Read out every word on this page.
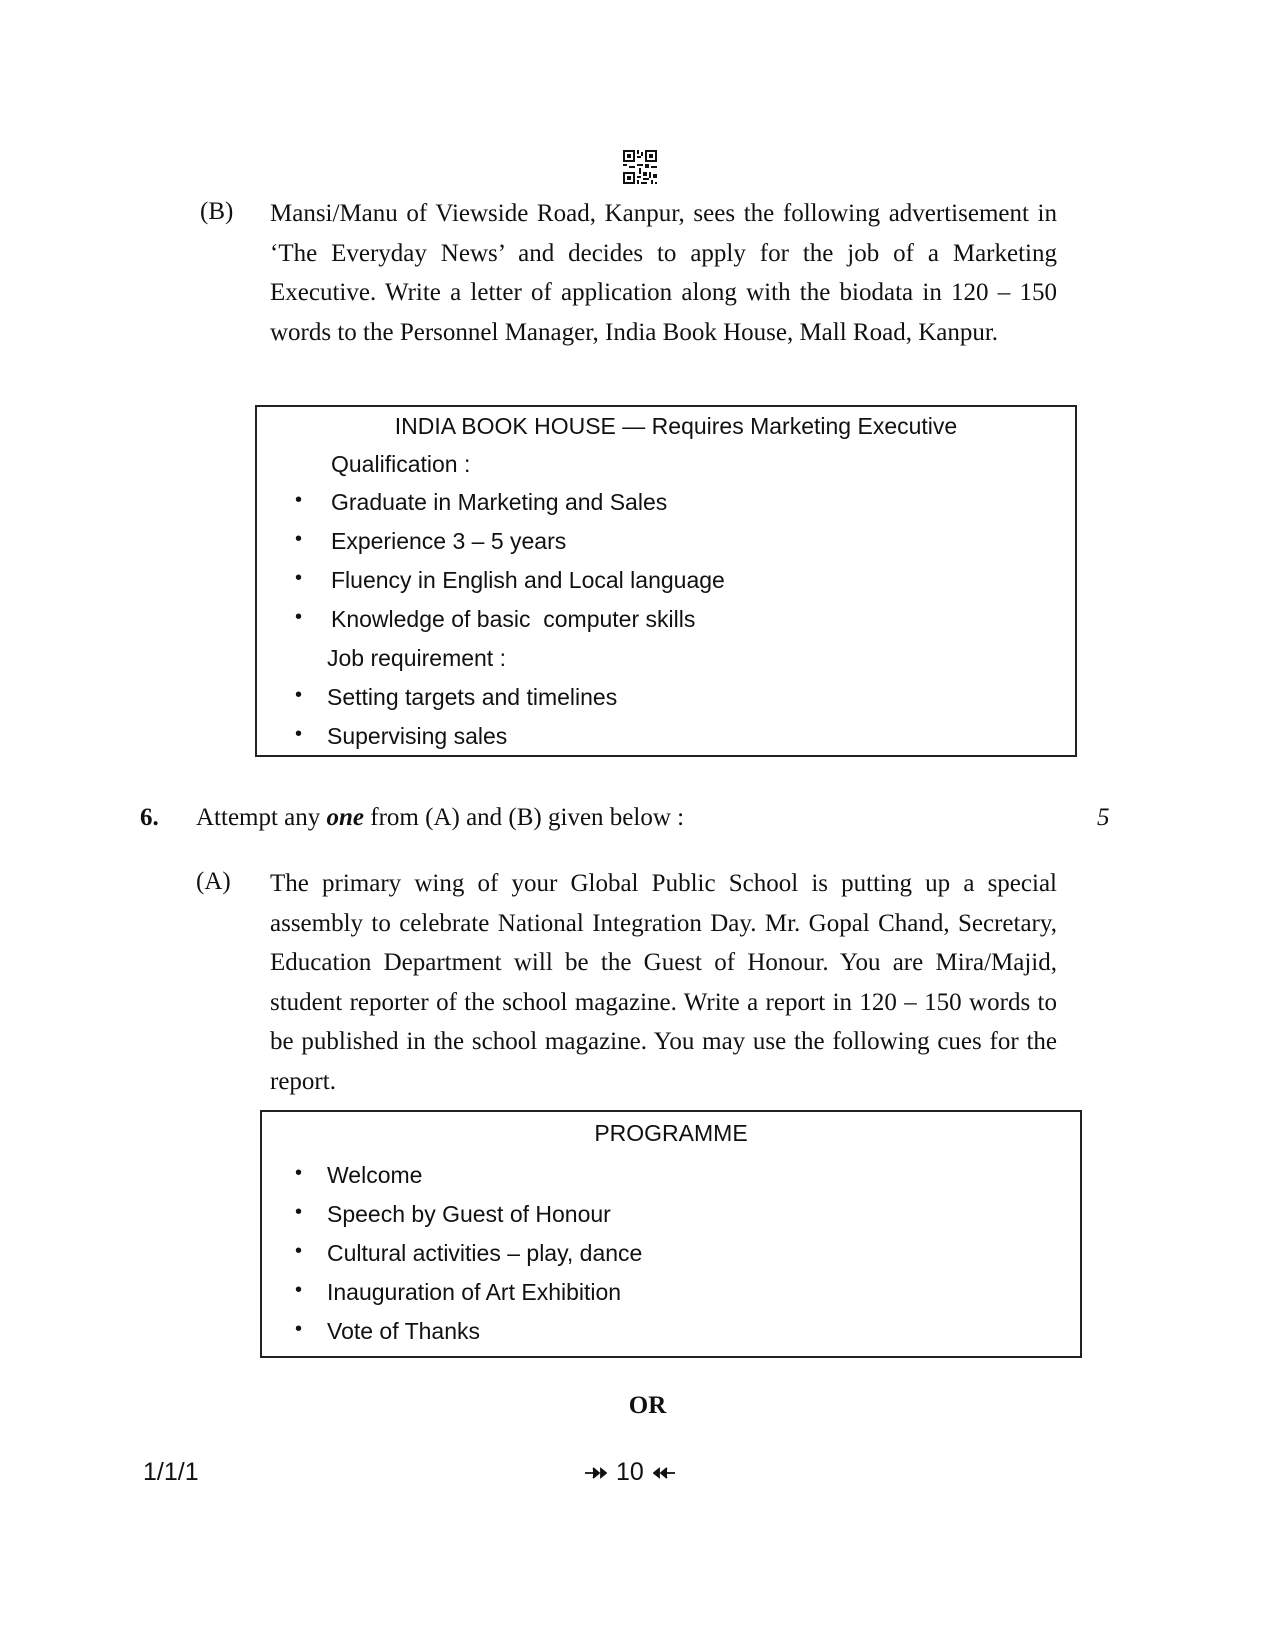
(B) Mansi/Manu of Viewside Road, Kanpur, sees the following advertisement in ‘The Everyday News’ and decides to apply for the job of a Marketing Executive. Write a letter of application along with the biodata in 120 – 150 words to the Personnel Manager, India Book House, Mall Road, Kanpur.
INDIA BOOK HOUSE — Requires Marketing Executive
Qualification :
• Graduate in Marketing and Sales
• Experience 3 – 5 years
• Fluency in English and Local language
• Knowledge of basic  computer skills
Job requirement :
• Setting targets and timelines
• Supervising sales
6. Attempt any one from (A) and (B) given below :	5
(A) The primary wing of your Global Public School is putting up a special assembly to celebrate National Integration Day. Mr. Gopal Chand, Secretary, Education Department will be the Guest of Honour. You are Mira/Majid, student reporter of the school magazine. Write a report in 120 – 150 words to be published in the school magazine. You may use the following cues for the report.
PROGRAMME
• Welcome
• Speech by Guest of Honour
• Cultural activities – play, dance
• Inauguration of Art Exhibition
• Vote of Thanks
OR
1/1/1	10
